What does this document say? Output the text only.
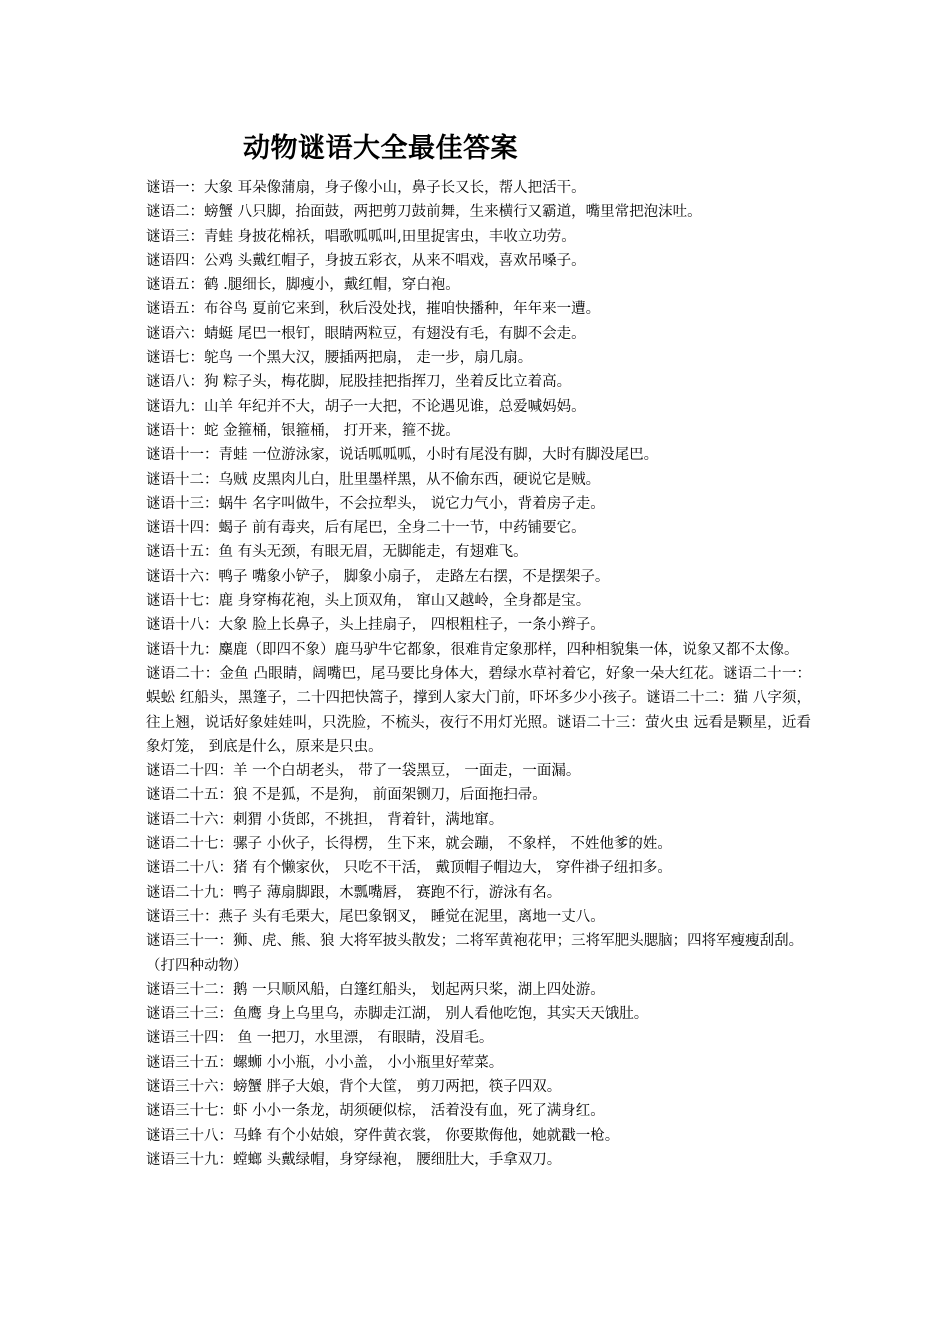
动物谜语大全最佳答案

谜语一：大象 耳朵像蒲扇，身子像小山，鼻子长又长，帮人把活干。

谜语二：螃蟹 八只脚，抬面鼓，两把剪刀鼓前舞，生来横行又霸道，嘴里常把泡沫吐。

谜语三：青蛙 身披花棉袄，唱歌呱呱叫,田里捉害虫，丰收立功劳。

谜语四：公鸡 头戴红帽子，身披五彩衣，从来不唱戏，喜欢吊嗓子。

谜语五：鹤 .腿细长，脚瘦小，戴红帽，穿白袍。

谜语五：布谷鸟 夏前它来到，秋后没处找，摧咱快播种，年年来一遭。

谜语六：蜻蜓 尾巴一根钉，眼睛两粒豆，有翅没有毛，有脚不会走。

谜语七：鸵鸟 一个黑大汉，腰插两把扇， 走一步，扇几扇。

谜语八：狗 粽子头，梅花脚，屁股挂把指挥刀，坐着反比立着高。

谜语九：山羊 年纪并不大，胡子一大把，不论遇见谁，总爱喊妈妈。

谜语十：蛇 金箍桶，银箍桶， 打开来，箍不拢。

谜语十一：青蛙 一位游泳家，说话呱呱呱，小时有尾没有脚，大时有脚没尾巴。

谜语十二：乌贼 皮黑肉儿白，肚里墨样黑，从不偷东西，硬说它是贼。

谜语十三：蜗牛 名字叫做牛，不会拉犁头， 说它力气小，背着房子走。

谜语十四：蝎子 前有毒夹，后有尾巴，全身二十一节，中药铺要它。

谜语十五：鱼 有头无颈，有眼无眉，无脚能走，有翅难飞。

谜语十六：鸭子 嘴象小铲子， 脚象小扇子， 走路左右摆，不是摆架子。

谜语十七：鹿 身穿梅花袍，头上顶双角， 窜山又越岭，全身都是宝。

谜语十八：大象 脸上长鼻子，头上挂扇子， 四根粗柱子，一条小辫子。

谜语十九：麋鹿（即四不象）鹿马驴牛它都象，很难肯定象那样，四种相貌集一体，说象又都不太像。

谜语二十：金鱼 凸眼睛，阔嘴巴，尾马要比身体大，碧绿水草衬着它，好象一朵大红花。谜语二十一：蜈蚣 红船头，黑篷子，二十四把快篙子，撑到人家大门前，吓坏多少小孩子。谜语二十二：猫 八字须，往上翘，说话好象娃娃叫，只洗脸，不梳头，夜行不用灯光照。谜语二十三：萤火虫 远看是颗星，近看象灯笼， 到底是什么，原来是只虫。

谜语二十四：羊 一个白胡老头， 带了一袋黑豆， 一面走，一面漏。

谜语二十五：狼 不是狐，不是狗， 前面架铡刀，后面拖扫帚。

谜语二十六：刺猬 小货郎，不挑担， 背着针，满地窜。

谜语二十七：骡子 小伙子，长得楞， 生下来，就会蹦， 不象样， 不姓他爹的姓。

谜语二十八：猪 有个懒家伙， 只吃不干活， 戴顶帽子帽边大， 穿件褂子纽扣多。

谜语二十九：鸭子 薄扇脚跟，木瓢嘴唇， 赛跑不行，游泳有名。

谜语三十：燕子 头有毛栗大，尾巴象钢叉， 睡觉在泥里，离地一丈八。

谜语三十一：狮、虎、熊、狼 大将军披头散发；二将军黄袍花甲；三将军肥头腮脑；四将军瘦瘦刮刮。（打四种动物）

谜语三十二：鹅 一只顺风船，白篷红船头， 划起两只桨，湖上四处游。

谜语三十三：鱼鹰 身上乌里乌，赤脚走江湖， 别人看他吃饱，其实天天饿肚。

谜语三十四： 鱼 一把刀，水里漂， 有眼睛，没眉毛。

谜语三十五：螺蛳 小小瓶，小小盖， 小小瓶里好荤菜。

谜语三十六：螃蟹 胖子大娘，背个大筐， 剪刀两把，筷子四双。

谜语三十七：虾 小小一条龙，胡须硬似棕， 活着没有血，死了满身红。

谜语三十八：马蜂 有个小姑娘，穿件黄衣裳， 你要欺侮他，她就戳一枪。

谜语三十九：螳螂 头戴绿帽，身穿绿袍， 腰细肚大，手拿双刀。
